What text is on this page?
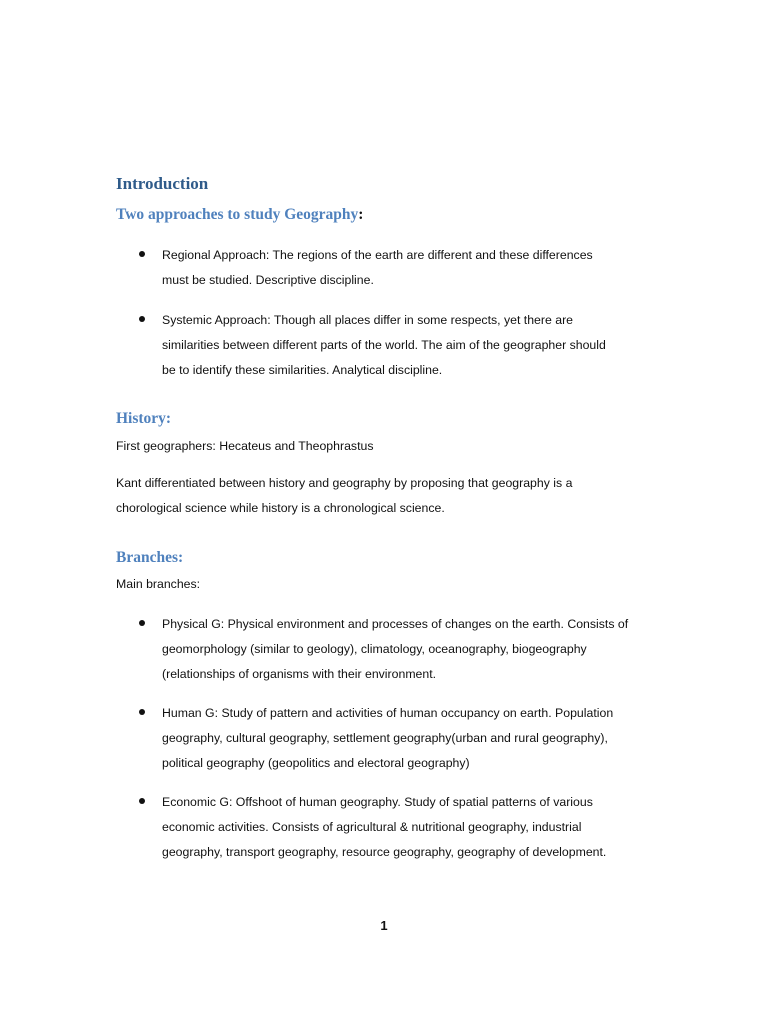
Introduction
Two approaches to study Geography:
Regional Approach: The regions of the earth are different and these differences
must be studied. Descriptive discipline.
Systemic Approach: Though all places differ in some respects, yet there are
similarities between different parts of the world. The aim of the geographer should
be to identify these similarities. Analytical discipline.
History:
First geographers: Hecateus and Theophrastus
Kant differentiated between history and geography by proposing that geography is a
chorological science while history is a chronological science.
Branches:
Main branches:
Physical G: Physical environment and processes of changes on the earth. Consists of
geomorphology (similar to geology), climatology, oceanography, biogeography
(relationships of organisms with their environment.
Human G: Study of pattern and activities of human occupancy on earth. Population
geography, cultural geography, settlement geography(urban and rural geography),
political geography (geopolitics and electoral geography)
Economic G: Offshoot of human geography. Study of spatial patterns of various
economic activities. Consists of agricultural & nutritional geography, industrial
geography, transport geography, resource geography, geography of development.
1
